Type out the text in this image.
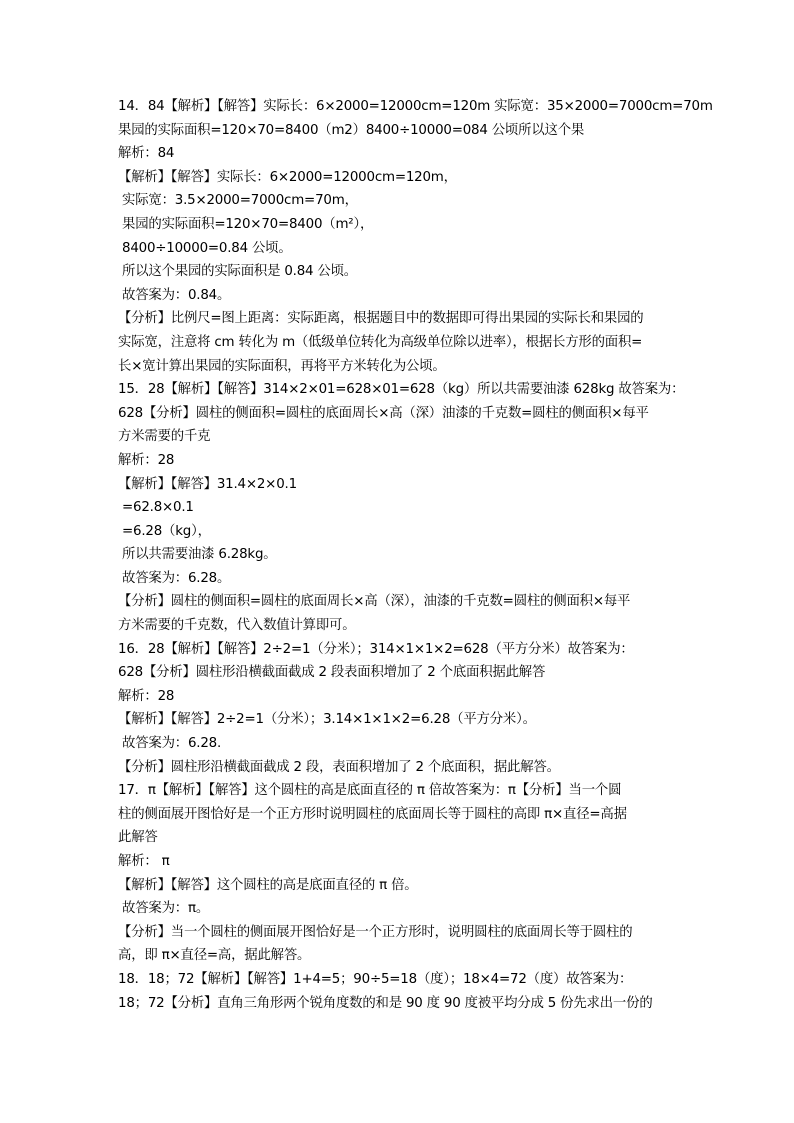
14．84【解析】【解答】实际长：6×2000=12000cm=120m 实际宽：35×2000=7000cm=70m
果园的实际面积=120×70=8400（m2）8400÷10000=084 公顷所以这个果
解析：84
【解析】【解答】实际长：6×2000=12000cm=120m，
实际宽：3.5×2000=7000cm=70m，
果园的实际面积=120×70=8400（m²），
8400÷10000=0.84 公顷。
所以这个果园的实际面积是 0.84 公顷。
故答案为：0.84。
【分析】比例尺=图上距离：实际距离，根据题目中的数据即可得出果园的实际长和果园的
实际宽，注意将 cm 转化为 m（低级单位转化为高级单位除以进率），根据长方形的面积=
长×宽计算出果园的实际面积，再将平方米转化为公顷。
15．28【解析】【解答】314×2×01=628×01=628（kg）所以共需要油漆 628kg 故答案为：
628【分析】圆柱的侧面积=圆柱的底面周长×高（深）油漆的千克数=圆柱的侧面积×每平
方米需要的千克
解析：28
【解析】【解答】31.4×2×0.1
=62.8×0.1
=6.28（kg），
所以共需要油漆 6.28kg。
故答案为：6.28。
【分析】圆柱的侧面积=圆柱的底面周长×高（深），油漆的千克数=圆柱的侧面积×每平
方米需要的千克数，代入数值计算即可。
16．28【解析】【解答】2÷2=1（分米）；314×1×1×2=628（平方分米）故答案为：
628【分析】圆柱形沿横截面截成 2 段表面积增加了 2 个底面积据此解答
解析：28
【解析】【解答】2÷2=1（分米）；3.14×1×1×2=6.28（平方分米）。
故答案为：6.28.
【分析】圆柱形沿横截面截成 2 段，表面积增加了 2 个底面积，据此解答。
17．π【解析】【解答】这个圆柱的高是底面直径的 π 倍故答案为：π【分析】当一个圆
柱的侧面展开图恰好是一个正方形时说明圆柱的底面周长等于圆柱的高即 π×直径=高据
此解答
解析： π
【解析】【解答】这个圆柱的高是底面直径的 π 倍。
故答案为：π。
【分析】当一个圆柱的侧面展开图恰好是一个正方形时，说明圆柱的底面周长等于圆柱的
高，即 π×直径=高，据此解答。
18．18；72【解析】【解答】1+4=5；90÷5=18（度）；18×4=72（度）故答案为：
18；72【分析】直角三角形两个锐角度数的和是 90 度 90 度被平均分成 5 份先求出一份的
